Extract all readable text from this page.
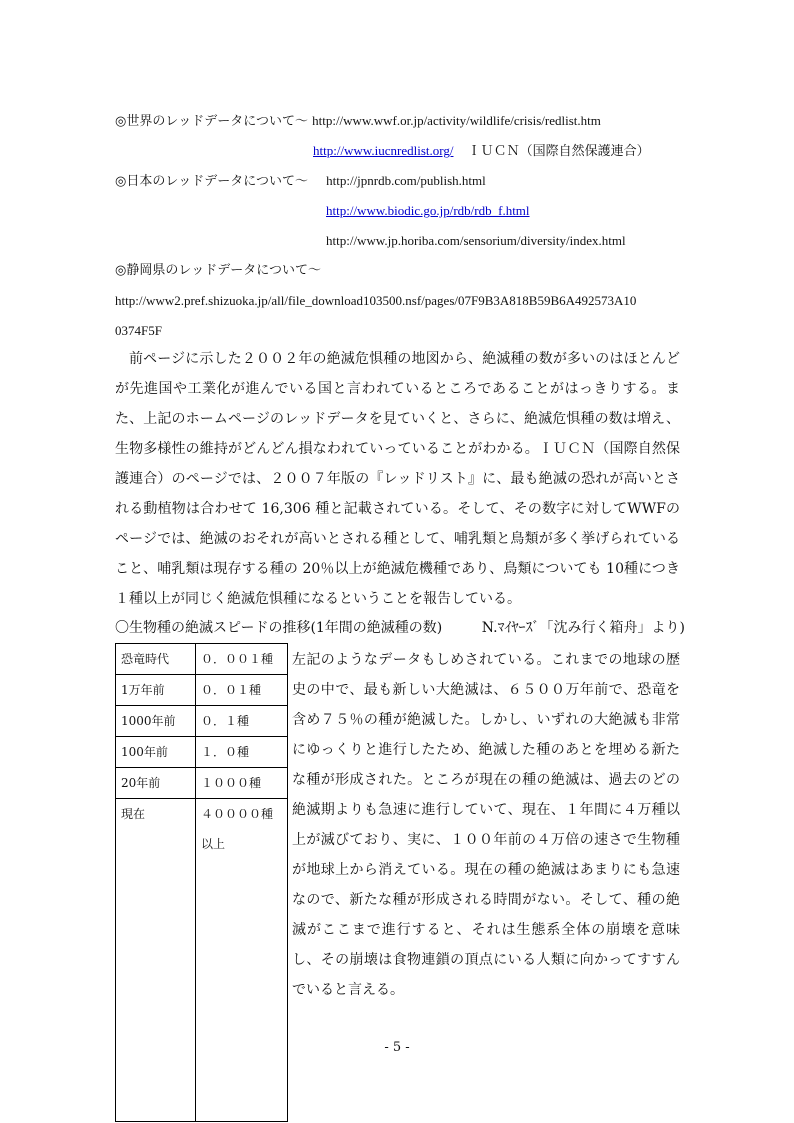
◎世界のレッドデータについて～ http://www.wwf.or.jp/activity/wildlife/crisis/redlist.htm
http://www.iucnredlist.org/ ＩＵＣＮ（国際自然保護連合）
◎日本のレッドデータについて～ http://jpnrdb.com/publish.html
http://www.biodic.go.jp/rdb/rdb_f.html
http://www.jp.horiba.com/sensorium/diversity/index.html
◎静岡県のレッドデータについて～
http://www2.pref.shizuoka.jp/all/file_download103500.nsf/pages/07F9B3A818B59B6A492573A10
0374F5F

前ページに示した２００２年の絶滅危惧種の地図から、絶滅種の数が多いのはほとんどが先進国や工業化が進んでいる国と言われているところであることがはっきりする。また、上記のホームページのレッドデータを見ていくと、さらに、絶滅危惧種の数は増え、生物多様性の維持がどんどん損なわれていっていることがわかる。ＩＵＣＮ（国際自然保護連合）のページでは、２００７年版の『レッドリスト』に、最も絶滅の恐れが高いとされる動植物は合わせて 16,306 種と記載されている。そして、その数字に対してWWFのページでは、絶滅のおそれが高いとされる種として、哺乳類と鳥類が多く挙げられていること、哺乳類は現存する種の 20％以上が絶滅危機種であり、鳥類についても 10種につき１種以上が同じく絶滅危惧種になるということを報告している。

〇生物種の絶滅スピードの推移(1年間の絶滅種の数)	N.ﾏｲﾔｰｽﾞ「沈み行く箱舟」より)
恐竜時代	０．００１種
1万年前	０．０１種
1000年前	０．１種
100年前	１．０種
20年前	１０００種
現在	４００００種以上
左記のようなデータもしめされている。これまでの地球の歴史の中で、最も新しい大絶滅は、６５００万年前で、恐竜を含め７５％の種が絶滅した。しかし、いずれの大絶滅も非常にゆっくりと進行したため、絶滅した種のあとを埋める新たな種が形成された。ところが現在の種の絶滅は、過去のどの絶滅期よりも急速に進行していて、現在、１年間に４万種以上が滅びており、実に、１００年前の４万倍の速さで生物種が地球上から消えている。現在の種の絶滅はあまりにも急速なので、新たな種が形成される時間がない。そして、種の絶滅がここまで進行すると、それは生態系全体の崩壊を意味し、その崩壊は食物連鎖の頂点にいる人類に向かってすすんでいると言える。
- 5 -
